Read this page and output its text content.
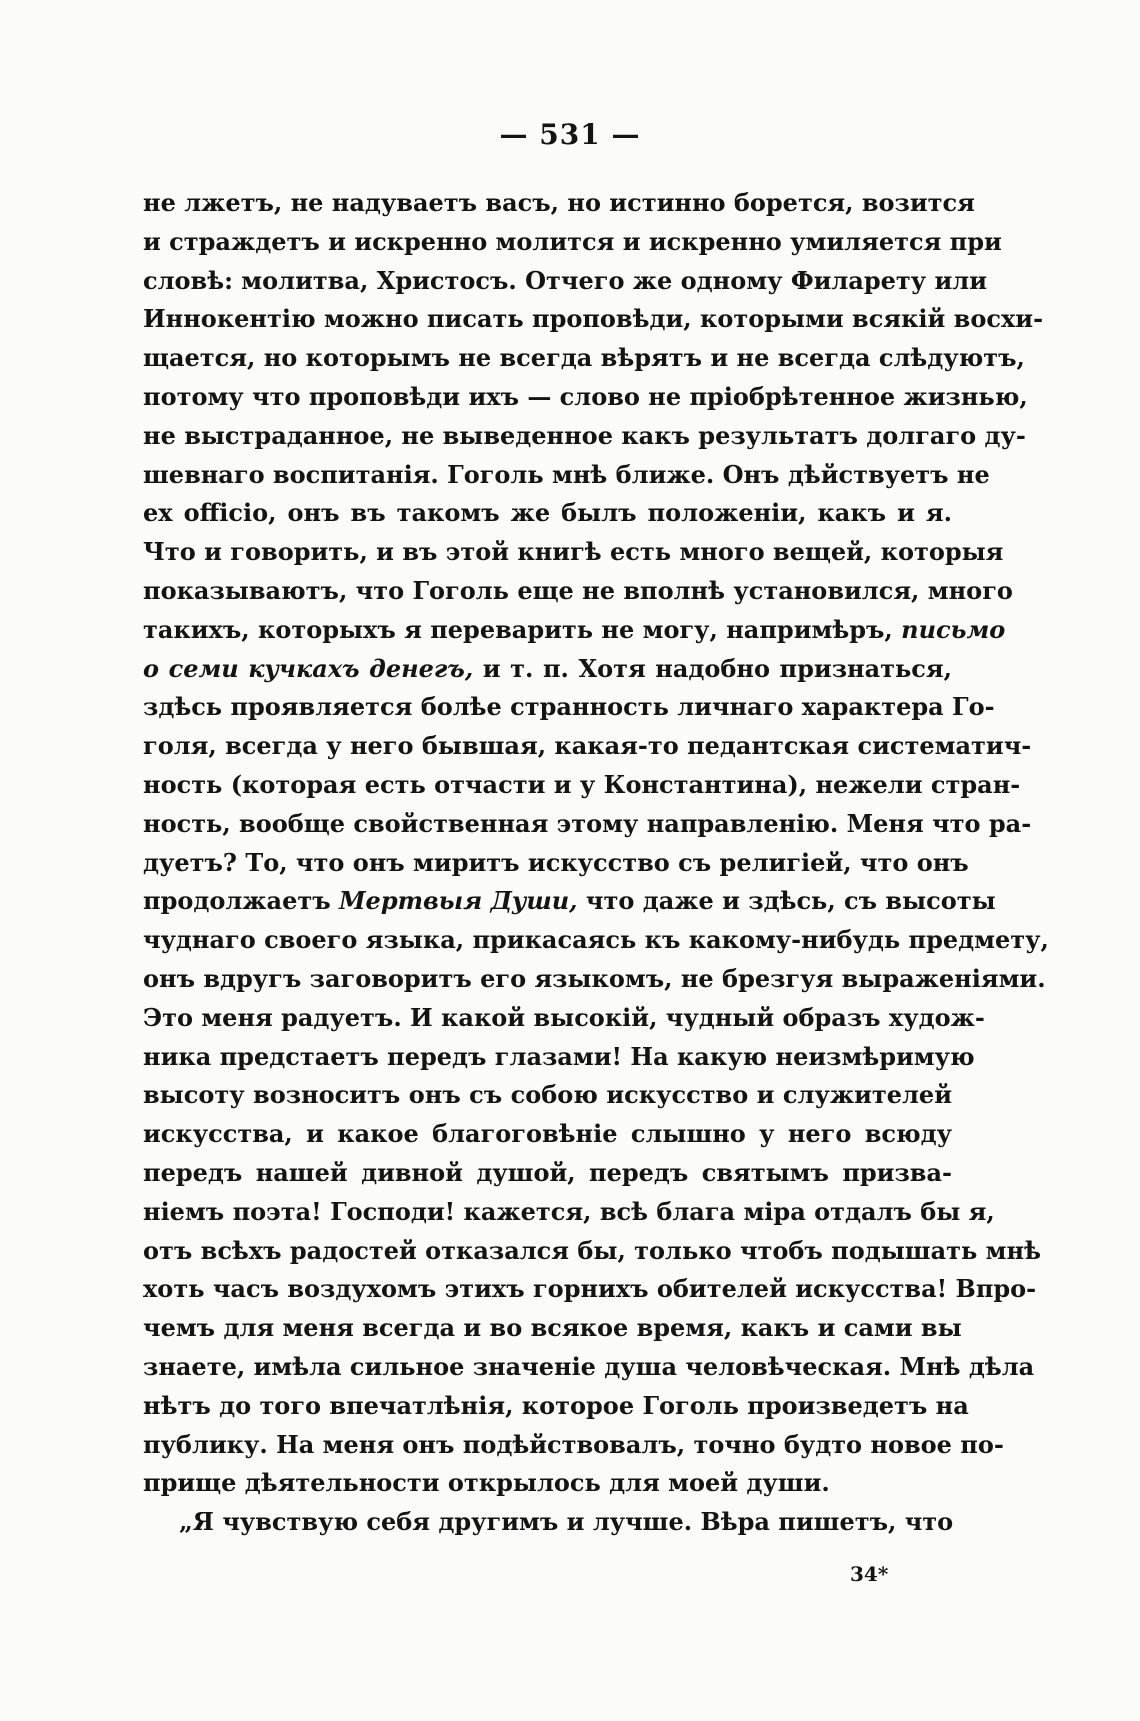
— 531 —
не лжетъ, не надуваетъ васъ, но истинно борется, возится
и страждетъ и искренно молится и искренно умиляется при
словѣ: молитва, Христосъ. Отчего же одному Филарету или
Иннокентію можно писать проповѣди, которыми всякій восхи-
щается, но которымъ не всегда вѣрятъ и не всегда слѣдуютъ,
потому что проповѣди ихъ — слово не пріобрѣтенное жизнью,
не выстраданное, не выведенное какъ результатъ долгаго ду-
шевнаго воспитанія. Гоголь мнѣ ближе. Онъ дѣйствуетъ не
ex officio, онъ въ такомъ же былъ положеніи, какъ и я.
Что и говорить, и въ этой книгѣ есть много вещей, которыя
показываютъ, что Гоголь еще не вполнѣ установился, много
такихъ, которыхъ я переварить не могу, напримѣръ, письмо
о семи кучкахъ денегъ, и т. п. Хотя надобно признаться,
здѣсь проявляется болѣе странность личнаго характера Го-
голя, всегда у него бывшая, какая-то педантская систематич-
ность (которая есть отчасти и у Константина), нежели стран-
ность, вообще свойственная этому направленію. Меня что ра-
дуетъ? То, что онъ миритъ искусство съ религіей, что онъ
продолжаетъ Мертвыя Души, что даже и здѣсь, съ высоты
чуднаго своего языка, прикасаясь къ какому-нибудь предмету,
онъ вдругъ заговоритъ его языкомъ, не брезгуя выраженіями.
Это меня радуетъ. И какой высокій, чудный образъ худож-
ника предстаетъ передъ глазами! На какую неизмѣримую
высоту возноситъ онъ съ собою искусство и служителей
искусства, и какое благоговѣніе слышно у него всюду
передъ нашей дивной душой, передъ святымъ призва-
ніемъ поэта! Господи! кажется, всѣ блага міра отдалъ бы я,
отъ всѣхъ радостей отказался бы, только чтобъ подышать мнѣ
хоть часъ воздухомъ этихъ горнихъ обителей искусства! Впро-
чемъ для меня всегда и во всякое время, какъ и сами вы
знаете, имѣла сильное значеніе душа человѣческая. Мнѣ дѣла
нѣтъ до того впечатлѣнія, которое Гоголь произведетъ на
публику. На меня онъ подѣйствовалъ, точно будто новое по-
прище дѣятельности открылось для моей души.
„Я чувствую себя другимъ и лучше. Вѣра пишетъ, что
34*
